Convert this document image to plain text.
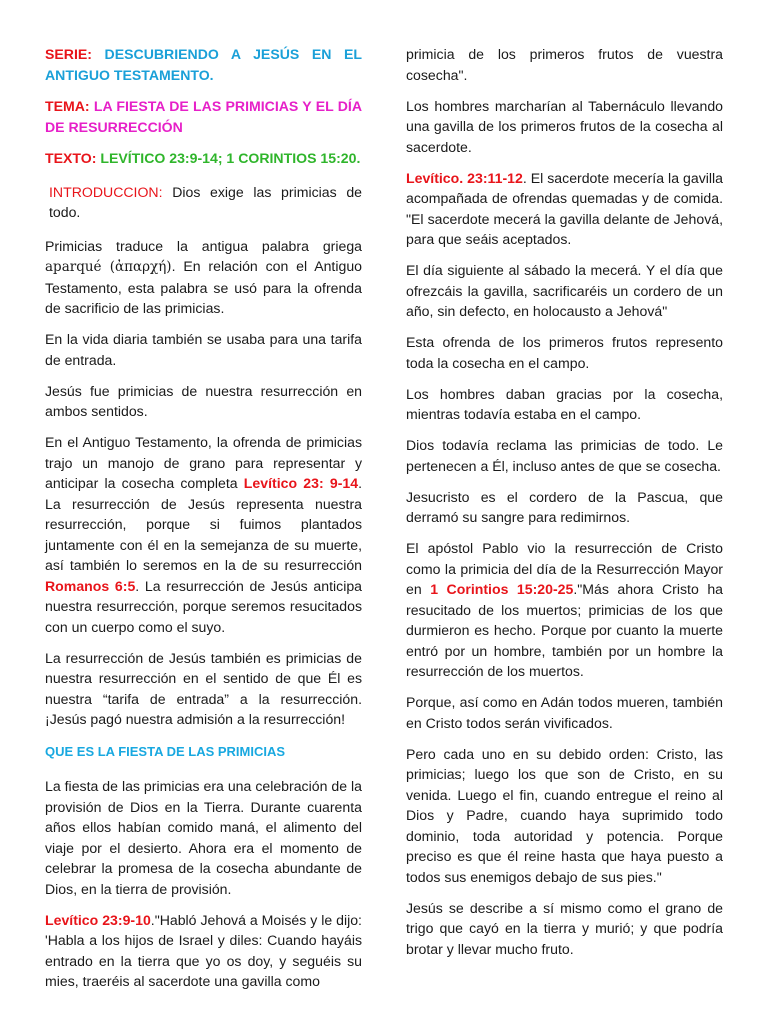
SERIE: DESCUBRIENDO A JESÚS EN EL ANTIGUO TESTAMENTO.

TEMA: LA FIESTA DE LAS PRIMICIAS Y EL DÍA DE RESURRECCIÓN

TEXTO: LEVÍTICO 23:9-14; 1 CORINTIOS 15:20.

INTRODUCCION: Dios exige las primicias de todo.

Primicias traduce la antigua palabra griega aparqué (ἀπαρχή). En relación con el Antiguo Testamento, esta palabra se usó para la ofrenda de sacrificio de las primicias.

En la vida diaria también se usaba para una tarifa de entrada.

Jesús fue primicias de nuestra resurrección en ambos sentidos.

En el Antiguo Testamento, la ofrenda de primicias trajo un manojo de grano para representar y anticipar la cosecha completa Levítico 23: 9-14. La resurrección de Jesús representa nuestra resurrección, porque si fuimos plantados juntamente con él en la semejanza de su muerte, así también lo seremos en la de su resurrección Romanos 6:5. La resurrección de Jesús anticipa nuestra resurrección, porque seremos resucitados con un cuerpo como el suyo.

La resurrección de Jesús también es primicias de nuestra resurrección en el sentido de que Él es nuestra “tarifa de entrada” a la resurrección. ¡Jesús pagó nuestra admisión a la resurrección!

QUE ES LA FIESTA DE LAS PRIMICIAS

La fiesta de las primicias era una celebración de la provisión de Dios en la Tierra. Durante cuarenta años ellos habían comido maná, el alimento del viaje por el desierto. Ahora era el momento de celebrar la promesa de la cosecha abundante de Dios, en la tierra de provisión.

Levítico 23:9-10."Habló Jehová a Moisés y le dijo: 'Habla a los hijos de Israel y diles: Cuando hayáis entrado en la tierra que yo os doy, y seguéis su mies, traeréis al sacerdote una gavilla como

primicia de los primeros frutos de vuestra cosecha".

Los hombres marcharían al Tabernáculo llevando una gavilla de los primeros frutos de la cosecha al sacerdote.

Levítico. 23:11-12. El sacerdote mecería la gavilla acompañada de ofrendas quemadas y de comida. "El sacerdote mecerá la gavilla delante de Jehová, para que seáis aceptados.

El día siguiente al sábado la mecerá. Y el día que ofrezcáis la gavilla, sacrificaréis un cordero de un año, sin defecto, en holocausto a Jehová"

Esta ofrenda de los primeros frutos represento toda la cosecha en el campo.

Los hombres daban gracias por la cosecha, mientras todavía estaba en el campo.

Dios todavía reclama las primicias de todo. Le pertenecen a Él, incluso antes de que se cosecha.

Jesucristo es el cordero de la Pascua, que derramó su sangre para redimirnos.

El apóstol Pablo vio la resurrección de Cristo como la primicia del día de la Resurrección Mayor en 1 Corintios 15:20-25."Más ahora Cristo ha resucitado de los muertos; primicias de los que durmieron es hecho. Porque por cuanto la muerte entró por un hombre, también por un hombre la resurrección de los muertos.

Porque, así como en Adán todos mueren, también en Cristo todos serán vivificados.

Pero cada uno en su debido orden: Cristo, las primicias; luego los que son de Cristo, en su venida. Luego el fin, cuando entregue el reino al Dios y Padre, cuando haya suprimido todo dominio, toda autoridad y potencia. Porque preciso es que él reine hasta que haya puesto a todos sus enemigos debajo de sus pies."

Jesús se describe a sí mismo como el grano de trigo que cayó en la tierra y murió; y que podría brotar y llevar mucho fruto.
